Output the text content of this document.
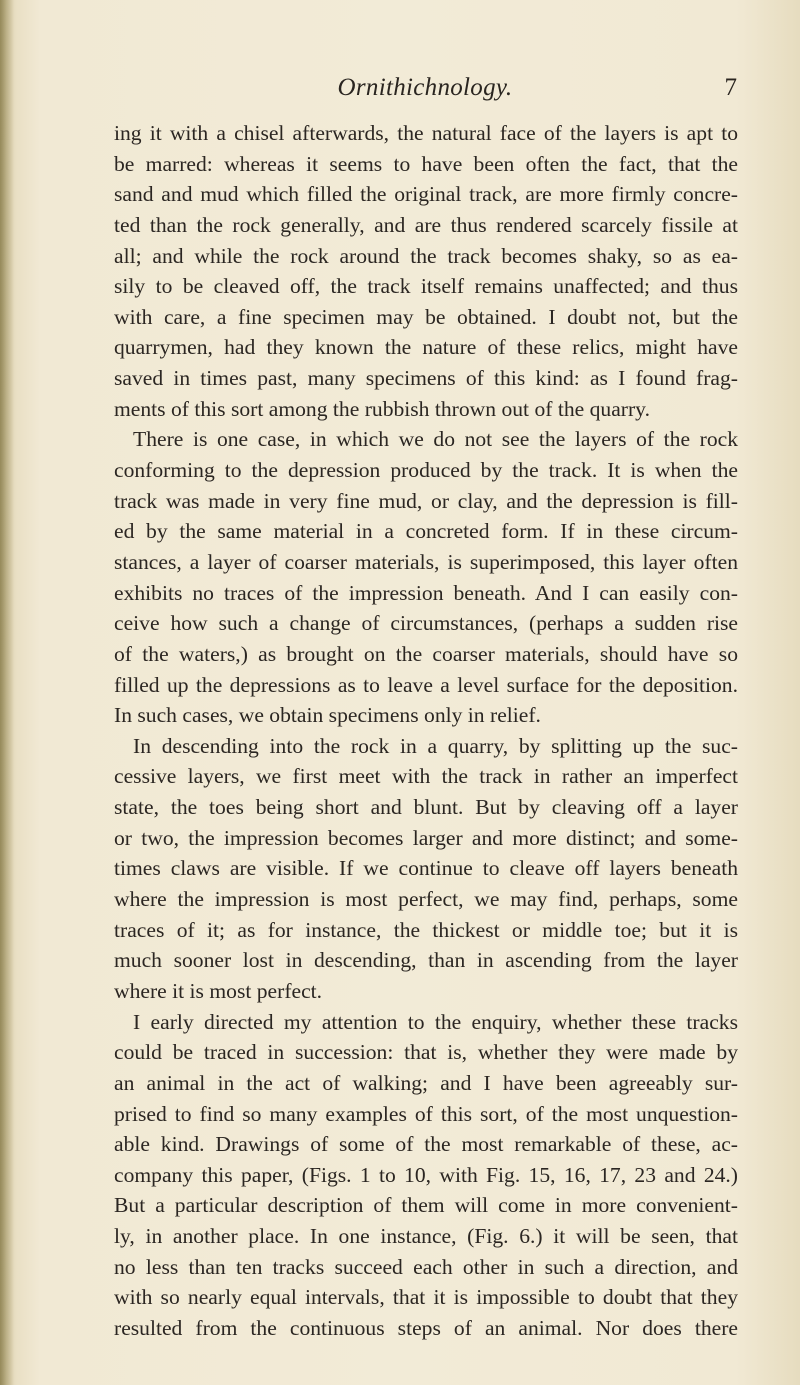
Ornithichnology.	7
ing it with a chisel afterwards, the natural face of the layers is apt to
be marred: whereas it seems to have been often the fact, that the
sand and mud which filled the original track, are more firmly concre-
ted than the rock generally, and are thus rendered scarcely fissile at
all; and while the rock around the track becomes shaky, so as ea-
sily to be cleaved off, the track itself remains unaffected; and thus
with care, a fine specimen may be obtained. I doubt not, but the
quarrymen, had they known the nature of these relics, might have
saved in times past, many specimens of this kind: as I found frag-
ments of this sort among the rubbish thrown out of the quarry.
There is one case, in which we do not see the layers of the rock
conforming to the depression produced by the track. It is when the
track was made in very fine mud, or clay, and the depression is fill-
ed by the same material in a concreted form. If in these circum-
stances, a layer of coarser materials, is superimposed, this layer often
exhibits no traces of the impression beneath. And I can easily con-
ceive how such a change of circumstances, (perhaps a sudden rise
of the waters,) as brought on the coarser materials, should have so
filled up the depressions as to leave a level surface for the deposition.
In such cases, we obtain specimens only in relief.
In descending into the rock in a quarry, by splitting up the suc-
cessive layers, we first meet with the track in rather an imperfect
state, the toes being short and blunt. But by cleaving off a layer
or two, the impression becomes larger and more distinct; and some-
times claws are visible. If we continue to cleave off layers beneath
where the impression is most perfect, we may find, perhaps, some
traces of it; as for instance, the thickest or middle toe; but it is
much sooner lost in descending, than in ascending from the layer
where it is most perfect.
I early directed my attention to the enquiry, whether these tracks
could be traced in succession: that is, whether they were made by
an animal in the act of walking; and I have been agreeably sur-
prised to find so many examples of this sort, of the most unquestion-
able kind. Drawings of some of the most remarkable of these, ac-
company this paper, (Figs. 1 to 10, with Fig. 15, 16, 17, 23 and 24.)
But a particular description of them will come in more convenient-
ly, in another place. In one instance, (Fig. 6.) it will be seen, that
no less than ten tracks succeed each other in such a direction, and
with so nearly equal intervals, that it is impossible to doubt that they
resulted from the continuous steps of an animal. Nor does there
